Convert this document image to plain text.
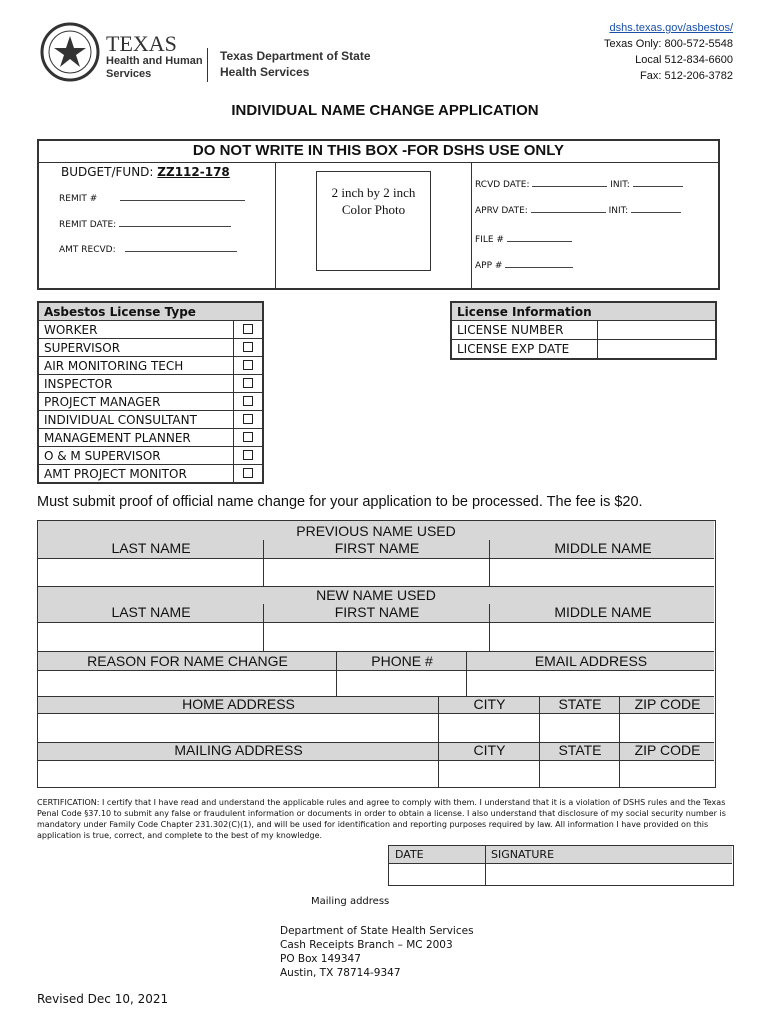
TEXAS
Health and Human
Services
Texas Department of State
Health Services
dshs.texas.gov/asbestos/
Texas Only: 800-572-5548
Local 512-834-6600
Fax: 512-206-3782
INDIVIDUAL NAME CHANGE APPLICATION
DO NOT WRITE IN THIS BOX -FOR DSHS USE ONLY
BUDGET/FUND: ZZ112-178
REMIT #
REMIT DATE:
AMT RECVD:
2 inch by 2 inch Color Photo
RCVD DATE:	INIT:
APRV DATE:	INIT:
FILE #
APP #
Asbestos License Type	
WORKER	
SUPERVISOR	
AIR MONITORING TECH	
INSPECTOR	
PROJECT MANAGER	
INDIVIDUAL CONSULTANT	
MANAGEMENT PLANNER	
O & M SUPERVISOR	
AMT PROJECT MONITOR	
License Information	
LICENSE NUMBER	
LICENSE EXP DATE	
Must submit proof of official name change for your application to be processed. The fee is $20.
PREVIOUS NAME USED
LAST NAME	FIRST NAME	MIDDLE NAME
NEW NAME USED
LAST NAME	FIRST NAME	MIDDLE NAME
REASON FOR NAME CHANGE	PHONE #	EMAIL ADDRESS
HOME ADDRESS	CITY	STATE	ZIP CODE
MAILING ADDRESS	CITY	STATE	ZIP CODE
CERTIFICATION: I certify that I have read and understand the applicable rules and agree to comply with them. I understand that it is a violation of DSHS rules and the Texas Penal Code §37.10 to submit any false or fraudulent information or documents in order to obtain a license. I also understand that disclosure of my social security number is mandatory under Family Code Chapter 231.302(C)(1), and will be used for identification and reporting purposes required by law. All information I have provided on this application is true, correct, and complete to the best of my knowledge.
DATE	SIGNATURE
Mailing address
Department of State Health Services
Cash Receipts Branch – MC 2003
PO Box 149347
Austin, TX 78714-9347
Revised Dec 10, 2021
